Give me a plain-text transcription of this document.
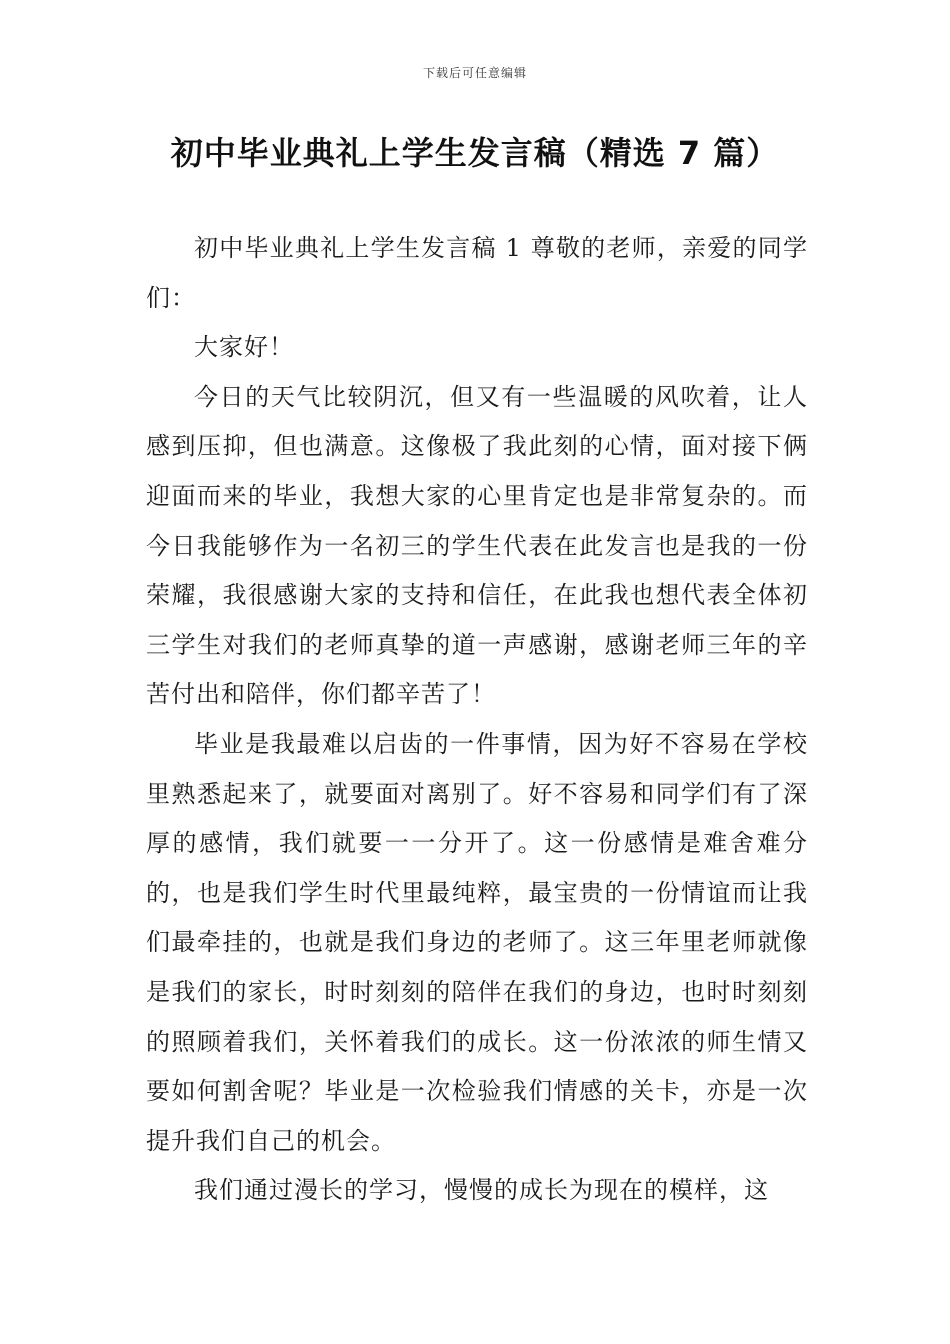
下载后可任意编辑
初中毕业典礼上学生发言稿（精选 7 篇）

初中毕业典礼上学生发言稿 1 尊敬的老师，亲爱的同学们：

大家好！

今日的天气比较阴沉，但又有一些温暖的风吹着，让人感到压抑，但也满意。这像极了我此刻的心情，面对接下俩迎面而来的毕业，我想大家的心里肯定也是非常复杂的。而今日我能够作为一名初三的学生代表在此发言也是我的一份荣耀，我很感谢大家的支持和信任，在此我也想代表全体初三学生对我们的老师真挚的道一声感谢，感谢老师三年的辛苦付出和陪伴，你们都辛苦了！

毕业是我最难以启齿的一件事情，因为好不容易在学校里熟悉起来了，就要面对离别了。好不容易和同学们有了深厚的感情，我们就要一一分开了。这一份感情是难舍难分的，也是我们学生时代里最纯粹，最宝贵的一份情谊而让我们最牵挂的，也就是我们身边的老师了。这三年里老师就像是我们的家长，时时刻刻的陪伴在我们的身边，也时时刻刻的照顾着我们，关怀着我们的成长。这一份浓浓的师生情又要如何割舍呢？毕业是一次检验我们情感的关卡，亦是一次提升我们自己的机会。

我们通过漫长的学习，慢慢的成长为现在的模样，这
